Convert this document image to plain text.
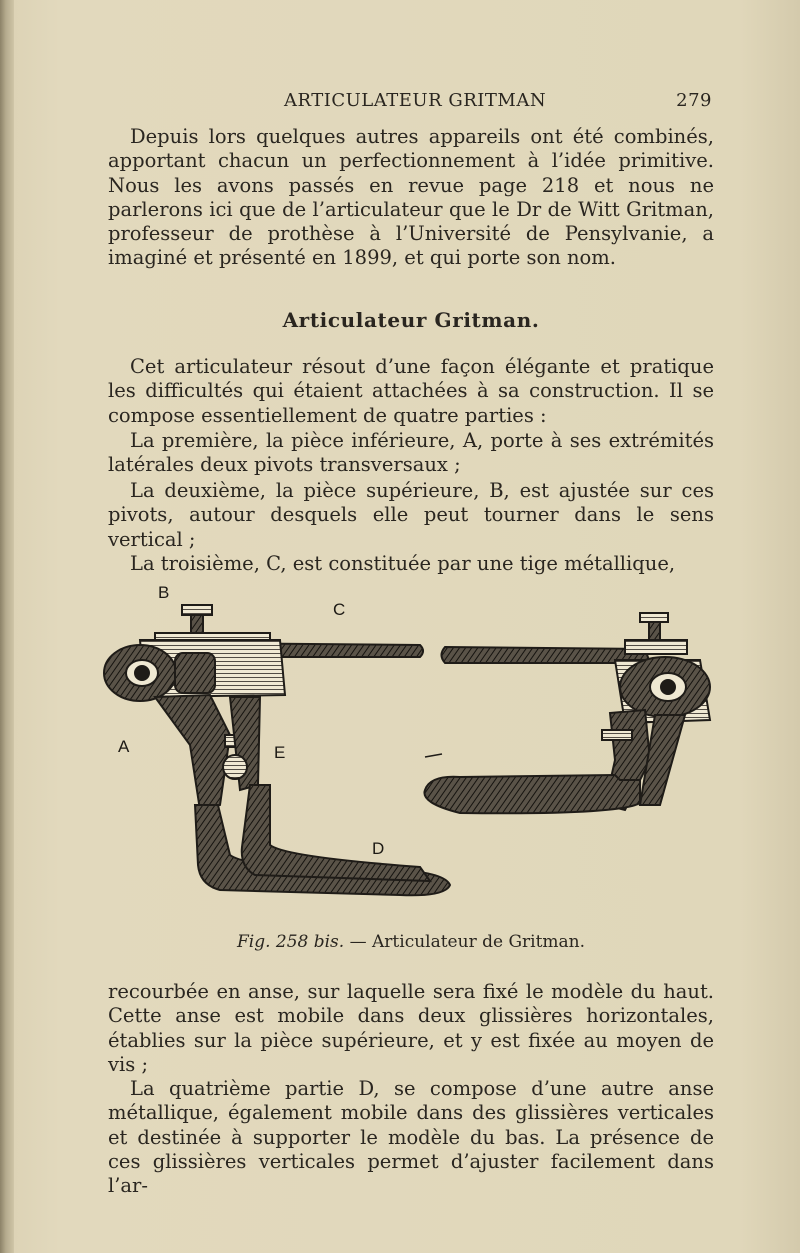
ARTICULATEUR GRITMAN	279

Depuis lors quelques autres appareils ont été combinés, apportant chacun un perfectionnement à l’idée primitive. Nous les avons passés en revue page 218 et nous ne parlerons ici que de l’articulateur que le Dr de Witt Gritman, professeur de prothèse à l’Université de Pensylvanie, a imaginé et présenté en 1899, et qui porte son nom.

Articulateur Gritman.

Cet articulateur résout d’une façon élégante et pratique les difficultés qui étaient attachées à sa construction. Il se compose essentiellement de quatre parties :

La première, la pièce inférieure, A, porte à ses extrémités latérales deux pivots transversaux ;

La deuxième, la pièce supérieure, B, est ajustée sur ces pivots, autour desquels elle peut tourner dans le sens vertical ;

La troisième, C, est constituée par une tige métallique,

B
C
A	E
D
Fig. 258 bis. — Articulateur de Gritman.

recourbée en anse, sur laquelle sera fixé le modèle du haut. Cette anse est mobile dans deux glissières horizontales, établies sur la pièce supérieure, et y est fixée au moyen de vis ;

La quatrième partie D, se compose d’une autre anse métallique, également mobile dans des glissières verticales et destinée à supporter le modèle du bas. La présence de ces glissières verticales permet d’ajuster facilement dans l’ar-
